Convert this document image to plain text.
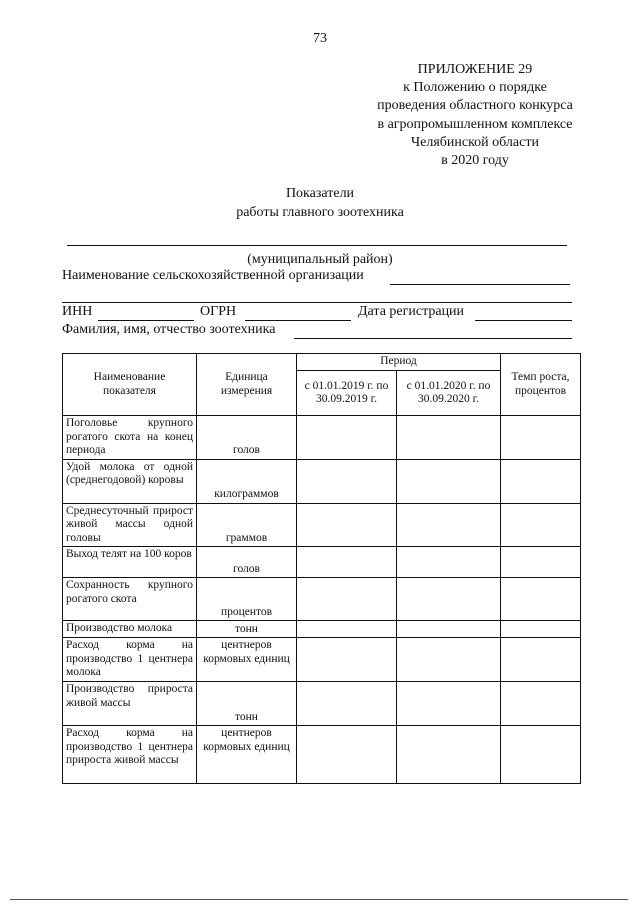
73
ПРИЛОЖЕНИЕ 29
к Положению о порядке
проведения областного конкурса
в агропромышленном комплексе
Челябинской области
в 2020 году
Показатели
работы главного зоотехника
(муниципальный район)
Наименование сельскохозяйственной организации
ИНН	ОГРН	Дата регистрации
Фамилия, имя, отчество зоотехника
Наименование показателя	Единица измерения	Период		Темп роста, процентов
		с 01.01.2019 г. по 30.09.2019 г.	с 01.01.2020 г. по 30.09.2020 г.	
Поголовье крупного рогатого скота на конец периода	голов			
Удой молока от одной (среднегодовой) коровы	килограммов			
Среднесуточный прирост живой массы одной головы	граммов			
Выход телят на 100 коров	голов			
Сохранность крупного рогатого скота	процентов			
Производство молока	тонн			
Расход корма на производство 1 центнера молока	центнеров кормовых единиц			
Производство прироста живой массы	тонн			
Расход корма на производство 1 центнера прироста живой массы	центнеров кормовых единиц			
